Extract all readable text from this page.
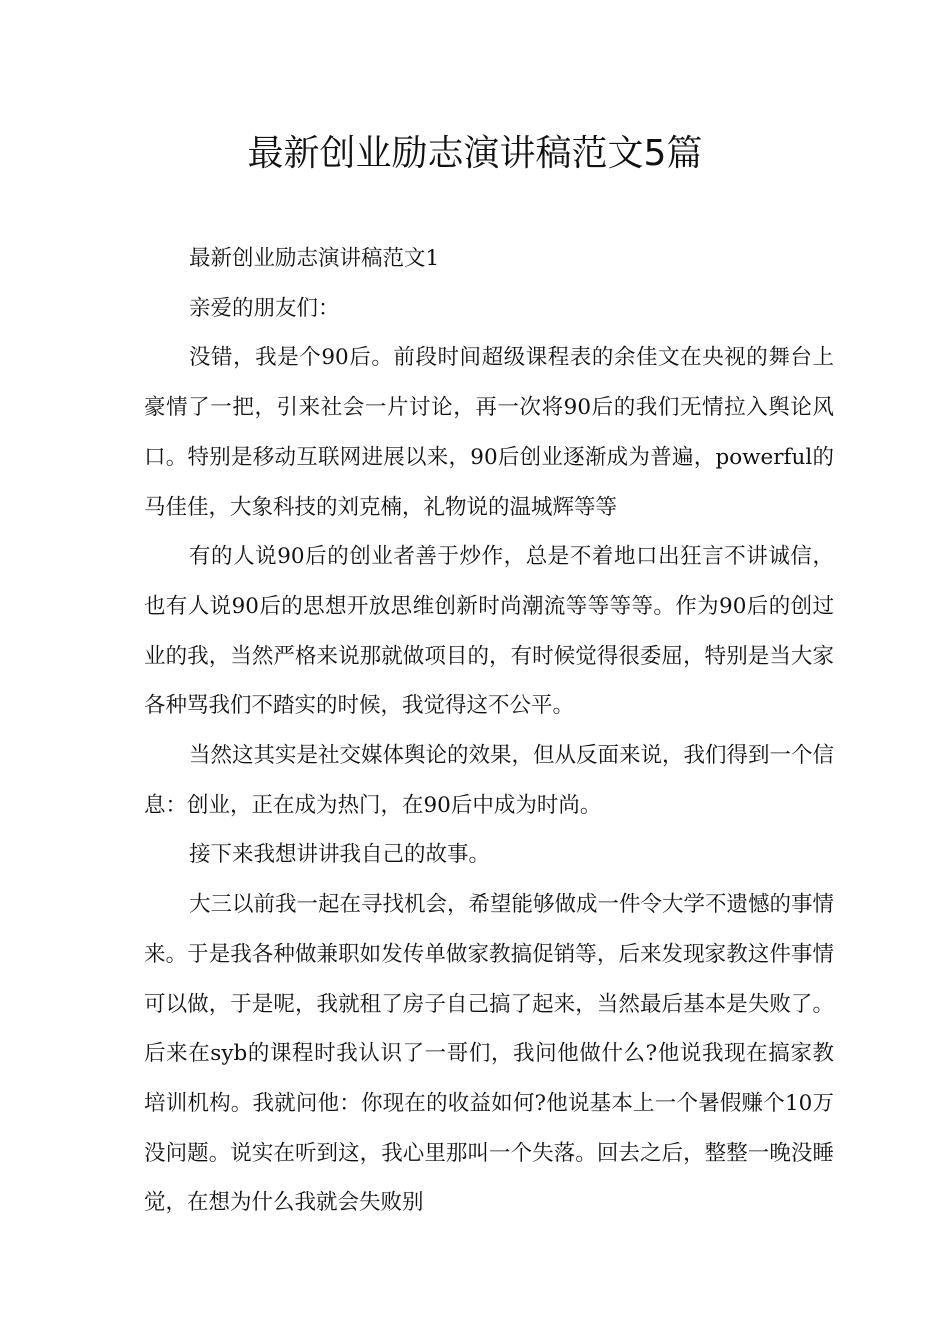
最新创业励志演讲稿范文5篇

最新创业励志演讲稿范文1

亲爱的朋友们：

没错，我是个90后。前段时间超级课程表的余佳文在央视的舞台上豪情了一把，引来社会一片讨论，再一次将90后的我们无情拉入舆论风口。特别是移动互联网进展以来，90后创业逐渐成为普遍，powerful的马佳佳，大象科技的刘克楠，礼物说的温城辉等等

有的人说90后的创业者善于炒作，总是不着地口出狂言不讲诚信，也有人说90后的思想开放思维创新时尚潮流等等等等。作为90后的创过业的我，当然严格来说那就做项目的，有时候觉得很委屈，特别是当大家各种骂我们不踏实的时候，我觉得这不公平。

当然这其实是社交媒体舆论的效果，但从反面来说，我们得到一个信息：创业，正在成为热门，在90后中成为时尚。

接下来我想讲讲我自己的故事。

大三以前我一起在寻找机会，希望能够做成一件令大学不遗憾的事情来。于是我各种做兼职如发传单做家教搞促销等，后来发现家教这件事情可以做，于是呢，我就租了房子自己搞了起来，当然最后基本是失败了。后来在syb的课程时我认识了一哥们，我问他做什么?他说我现在搞家教培训机构。我就问他：你现在的收益如何?他说基本上一个暑假赚个10万没问题。说实在听到这，我心里那叫一个失落。回去之后，整整一晚没睡觉，在想为什么我就会失败别
